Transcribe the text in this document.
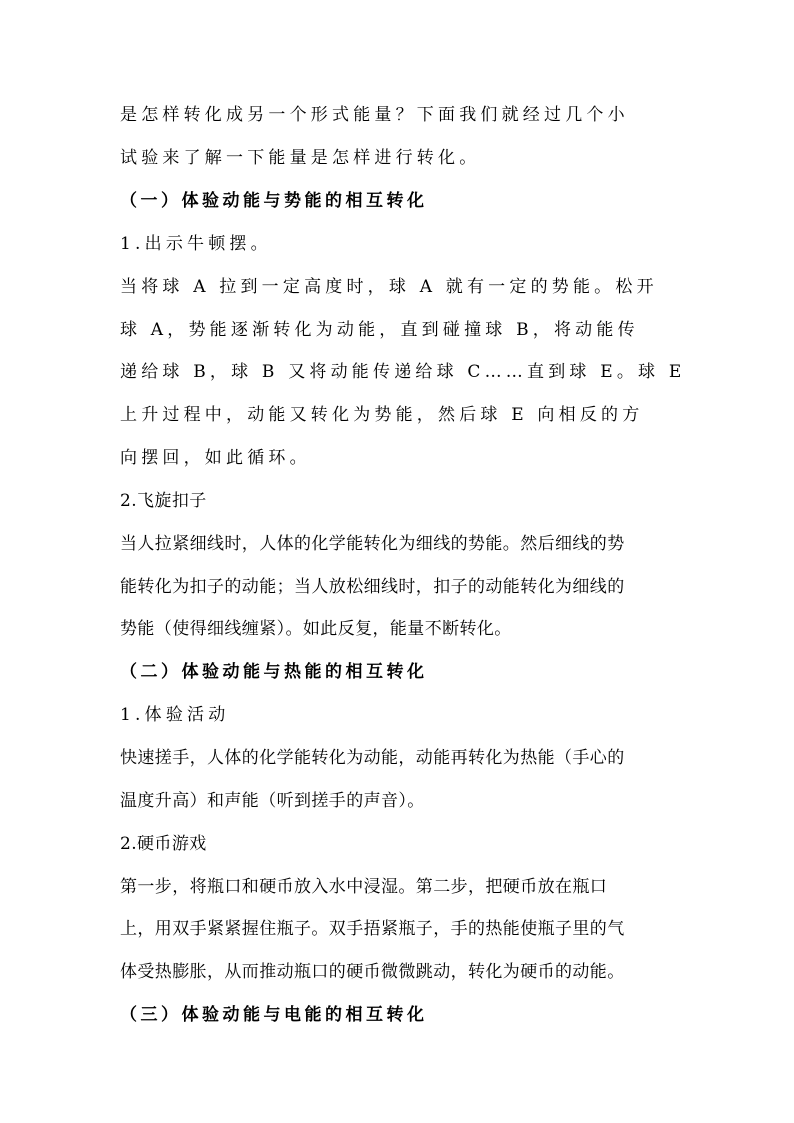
是怎样转化成另一个形式能量？下面我们就经过几个小
试验来了解一下能量是怎样进行转化。
（一）体验动能与势能的相互转化
1.出示牛顿摆。
当将球 A 拉到一定高度时，球 A 就有一定的势能。松开
球 A，势能逐渐转化为动能，直到碰撞球 B，将动能传
递给球 B，球 B 又将动能传递给球 C……直到球 E。球 E
上升过程中，动能又转化为势能，然后球 E 向相反的方
向摆回，如此循环。
2.飞旋扣子
当人拉紧细线时，人体的化学能转化为细线的势能。然后细线的势
能转化为扣子的动能；当人放松细线时，扣子的动能转化为细线的
势能（使得细线缠紧）。如此反复，能量不断转化。
（二）体验动能与热能的相互转化
1.体验活动
快速搓手，人体的化学能转化为动能，动能再转化为热能（手心的
温度升高）和声能（听到搓手的声音）。
2.硬币游戏
第一步，将瓶口和硬币放入水中浸湿。第二步，把硬币放在瓶口
上，用双手紧紧握住瓶子。双手捂紧瓶子，手的热能使瓶子里的气
体受热膨胀，从而推动瓶口的硬币微微跳动，转化为硬币的动能。
（三）体验动能与电能的相互转化
